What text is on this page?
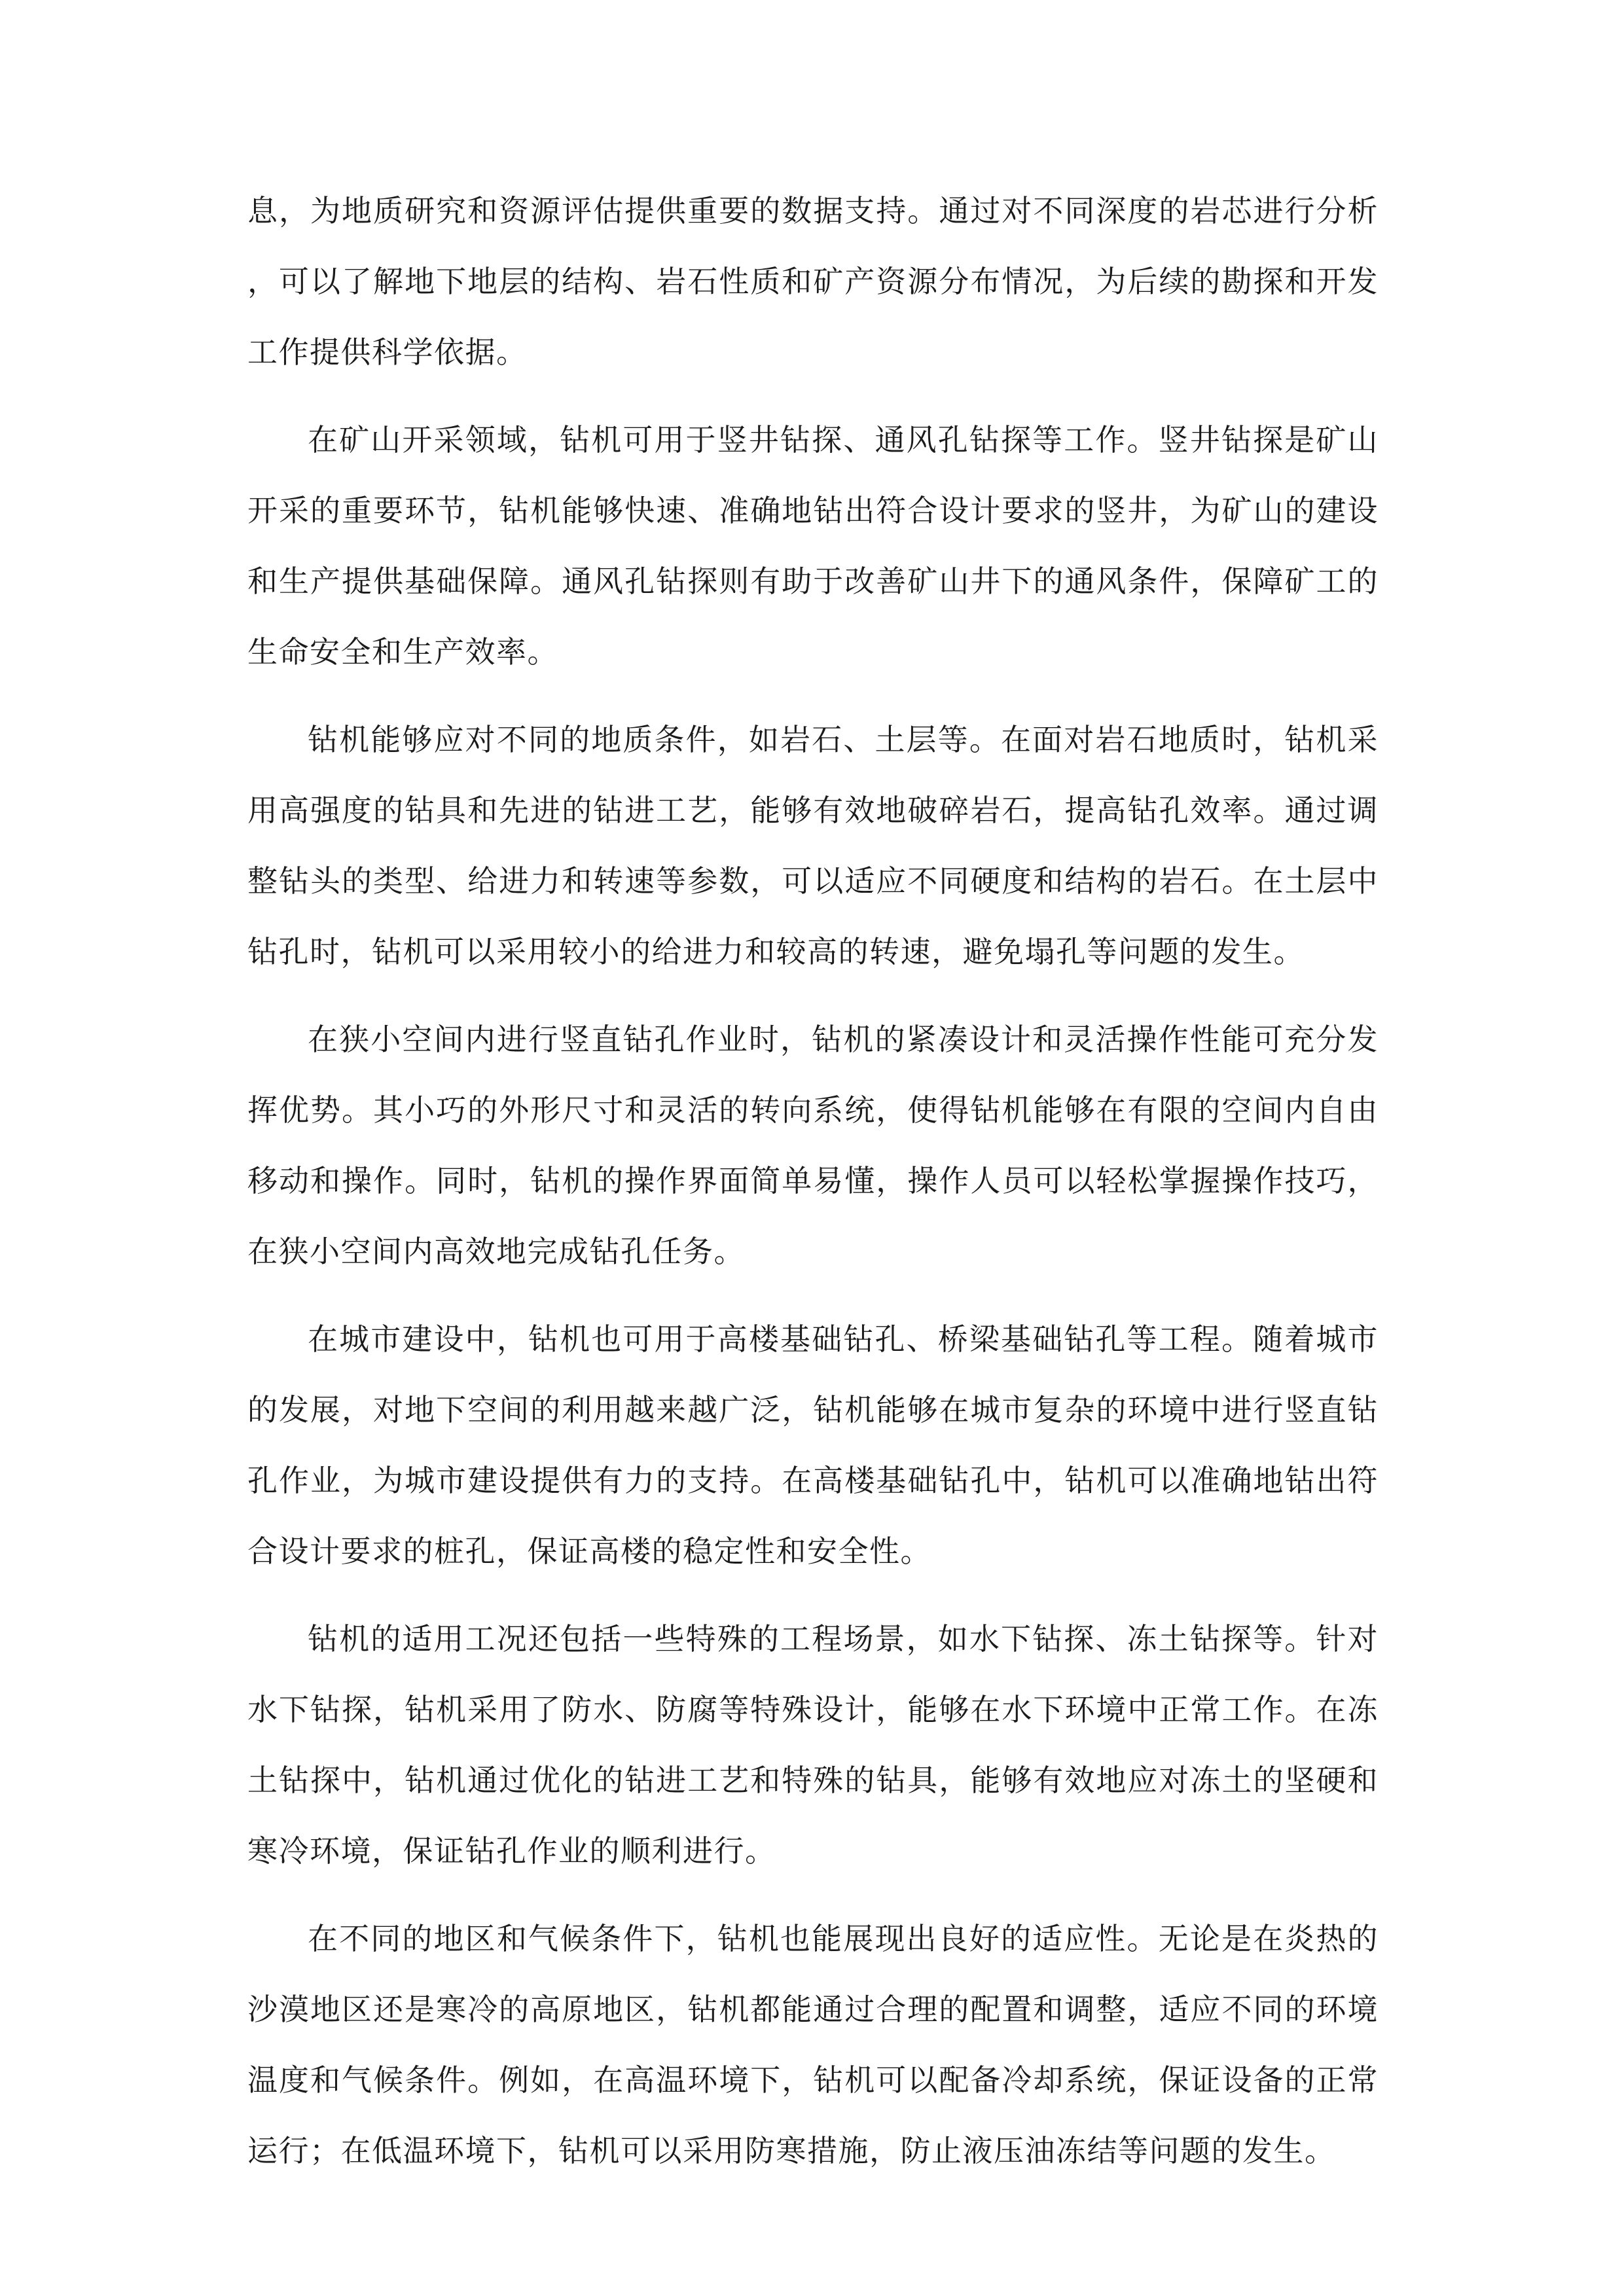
息，为地质研究和资源评估提供重要的数据支持。通过对不同深度的岩芯进行分析，可以了解地下地层的结构、岩石性质和矿产资源分布情况，为后续的勘探和开发工作提供科学依据。

在矿山开采领域，钻机可用于竖井钻探、通风孔钻探等工作。竖井钻探是矿山开采的重要环节，钻机能够快速、准确地钻出符合设计要求的竖井，为矿山的建设和生产提供基础保障。通风孔钻探则有助于改善矿山井下的通风条件，保障矿工的生命安全和生产效率。

钻机能够应对不同的地质条件，如岩石、土层等。在面对岩石地质时，钻机采用高强度的钻具和先进的钻进工艺，能够有效地破碎岩石，提高钻孔效率。通过调整钻头的类型、给进力和转速等参数，可以适应不同硬度和结构的岩石。在土层中钻孔时，钻机可以采用较小的给进力和较高的转速，避免塌孔等问题的发生。

在狭小空间内进行竖直钻孔作业时，钻机的紧凑设计和灵活操作性能可充分发挥优势。其小巧的外形尺寸和灵活的转向系统，使得钻机能够在有限的空间内自由移动和操作。同时，钻机的操作界面简单易懂，操作人员可以轻松掌握操作技巧，在狭小空间内高效地完成钻孔任务。

在城市建设中，钻机也可用于高楼基础钻孔、桥梁基础钻孔等工程。随着城市的发展，对地下空间的利用越来越广泛，钻机能够在城市复杂的环境中进行竖直钻孔作业，为城市建设提供有力的支持。在高楼基础钻孔中，钻机可以准确地钻出符合设计要求的桩孔，保证高楼的稳定性和安全性。

钻机的适用工况还包括一些特殊的工程场景，如水下钻探、冻土钻探等。针对水下钻探，钻机采用了防水、防腐等特殊设计，能够在水下环境中正常工作。在冻土钻探中，钻机通过优化的钻进工艺和特殊的钻具，能够有效地应对冻土的坚硬和寒冷环境，保证钻孔作业的顺利进行。

在不同的地区和气候条件下，钻机也能展现出良好的适应性。无论是在炎热的沙漠地区还是寒冷的高原地区，钻机都能通过合理的配置和调整，适应不同的环境温度和气候条件。例如，在高温环境下，钻机可以配备冷却系统，保证设备的正常运行；在低温环境下，钻机可以采用防寒措施，防止液压油冻结等问题的发生。
